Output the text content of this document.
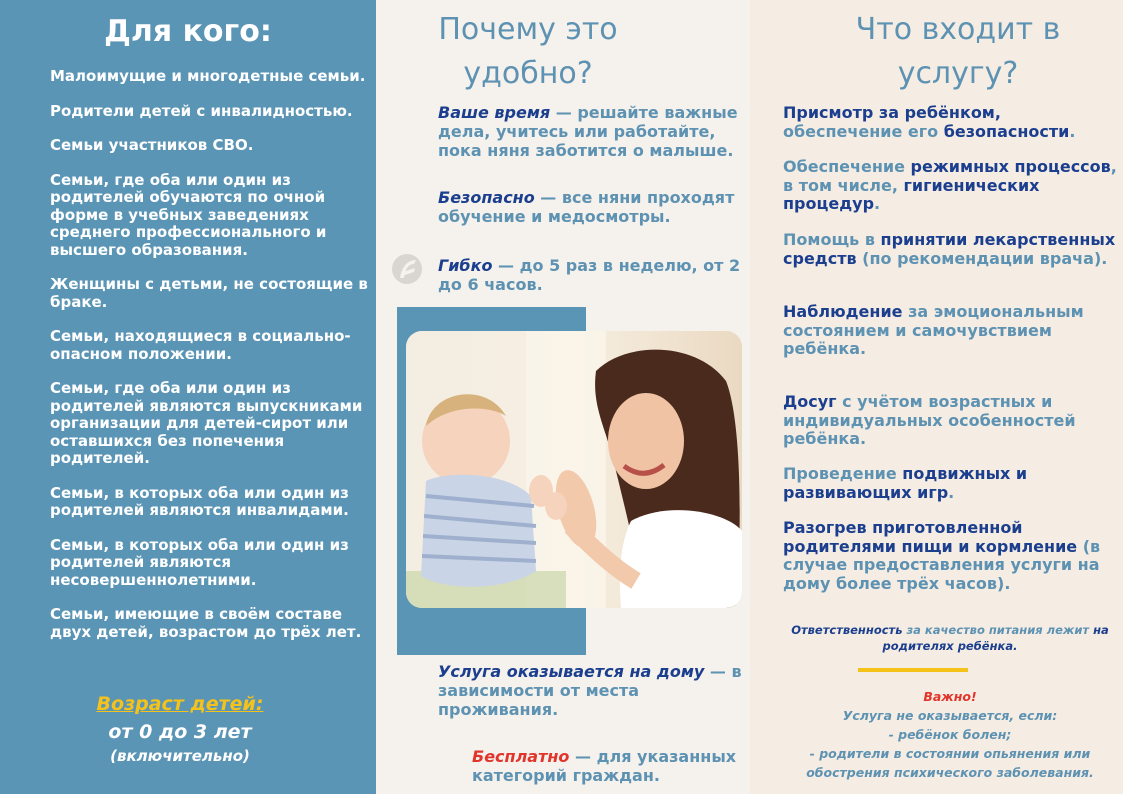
Для кого:
Малоимущие и многодетные семьи.
Родители детей с инвалидностью.
Семьи участников СВО.
Семьи, где оба или один из родителей обучаются по очной форме в учебных заведениях среднего профессионального и высшего образования.
Женщины с детьми, не состоящие в браке.
Семьи, находящиеся в социально- опасном положении.
Семьи, где оба или один из родителей являются выпускниками организации для детей-сирот или оставшихся без попечения родителей.
Семьи, в которых оба или один из родителей являются инвалидами.
Семьи, в которых оба или один из родителей являются несовершеннолетними.
Семьи, имеющие в своём составе двух детей, возрастом до трёх лет.
Возраст детей:
от 0 до 3 лет
(включительно)
Почему это удобно?
Ваше время — решайте важные дела, учитесь или работайте, пока няня заботится о малыше.
Безопасно — все няни проходят обучение и медосмотры.
Гибко — до 5 раз в неделю, от 2 до 6 часов.
Услуга оказывается на дому — в зависимости от места проживания.
Бесплатно — для указанных категорий граждан.
Что входит в услугу?
Присмотр за ребёнком, обеспечение его безопасности.
Обеспечение режимных процессов, в том числе, гигиенических процедур.
Помощь в принятии лекарственных средств (по рекомендации врача).
Наблюдение за эмоциональным состоянием и самочувствием ребёнка.
Досуг с учётом возрастных и индивидуальных особенностей ребёнка.
Проведение подвижных и развивающих игр.
Разогрев приготовленной родителями пищи и кормление (в случае предоставления услуги на дому более трёх часов).
Ответственность за качество питания лежит на родителях ребёнка.
Важно!
Услуга не оказывается, если:
- ребёнок болен;
- родители в состоянии опьянения или обострения психического заболевания.
